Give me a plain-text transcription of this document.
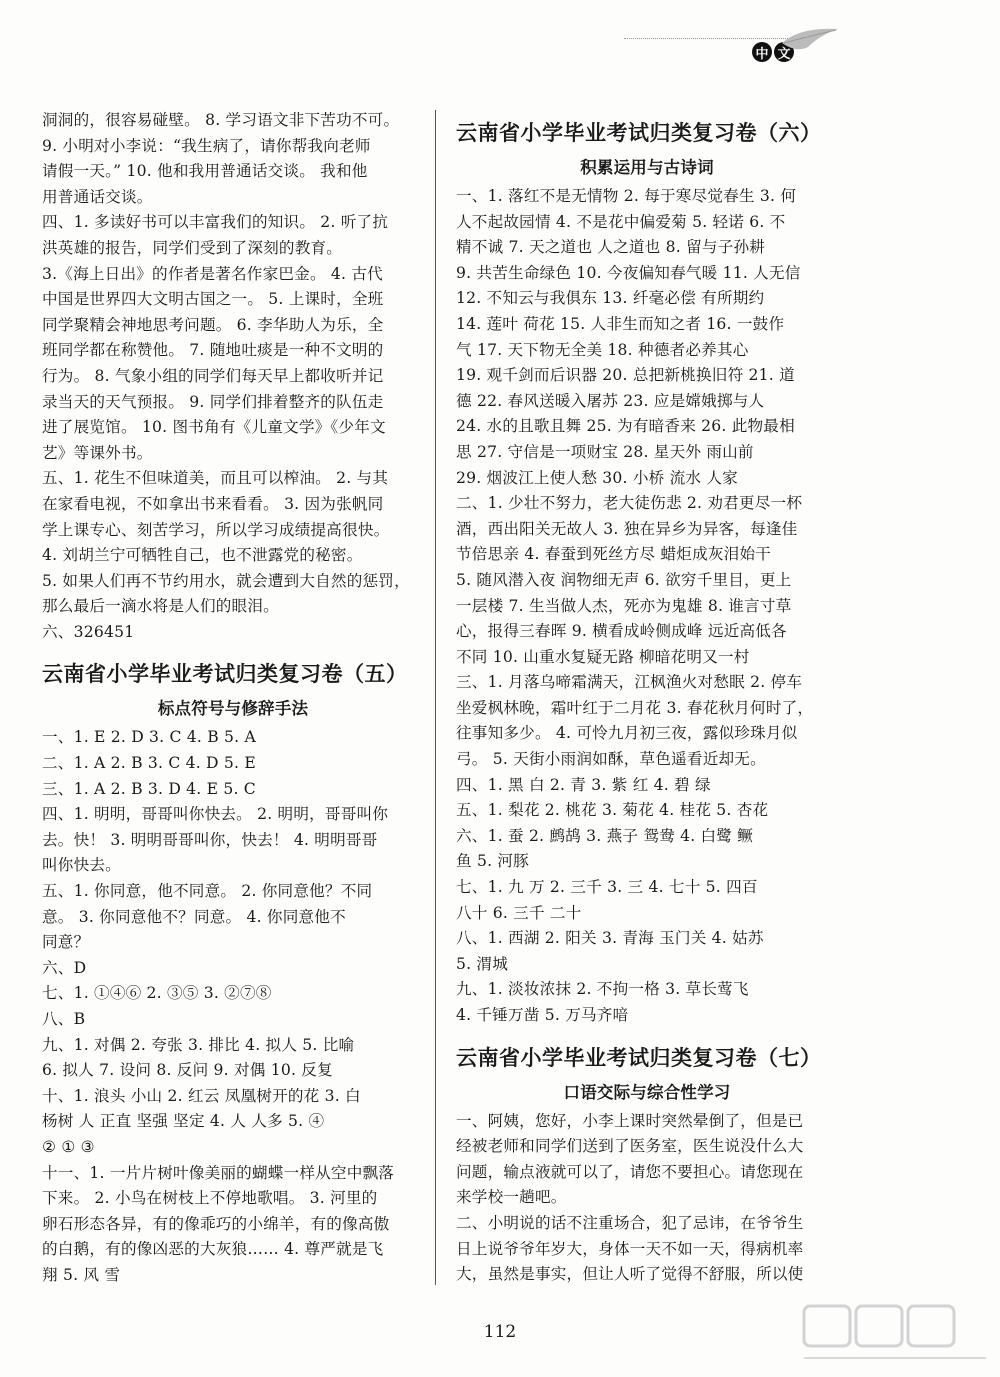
中 文
洞洞的，很容易碰壁。 8. 学习语文非下苦功不可。
9. 小明对小李说：“我生病了，请你帮我向老师
请假一天。” 10. 他和我用普通话交谈。 我和他
用普通话交谈。
四、1. 多读好书可以丰富我们的知识。 2. 听了抗
洪英雄的报告，同学们受到了深刻的教育。
3.《海上日出》的作者是著名作家巴金。 4. 古代
中国是世界四大文明古国之一。 5. 上课时，全班
同学聚精会神地思考问题。 6. 李华助人为乐，全
班同学都在称赞他。 7. 随地吐痰是一种不文明的
行为。 8. 气象小组的同学们每天早上都收听并记
录当天的天气预报。 9. 同学们排着整齐的队伍走
进了展览馆。 10. 图书角有《儿童文学》《少年文
艺》等课外书。
五、1. 花生不但味道美，而且可以榨油。 2. 与其
在家看电视，不如拿出书来看看。 3. 因为张帆同
学上课专心、刻苦学习，所以学习成绩提高很快。
4. 刘胡兰宁可牺牲自己，也不泄露党的秘密。
5. 如果人们再不节约用水，就会遭到大自然的惩罚，
那么最后一滴水将是人们的眼泪。
六、326451
云南省小学毕业考试归类复习卷（五）
标点符号与修辞手法
一、1. E 2. D 3. C 4. B 5. A
二、1. A 2. B 3. C 4. D 5. E
三、1. A 2. B 3. D 4. E 5. C
四、1. 明明，哥哥叫你快去。 2. 明明，哥哥叫你
去。快！ 3. 明明哥哥叫你，快去！ 4. 明明哥哥
叫你快去。
五、1. 你同意，他不同意。 2. 你同意他？不同
意。 3. 你同意他不？同意。 4. 你同意他不
同意？
六、D
七、1. ①④⑥ 2. ③⑤ 3. ②⑦⑧
八、B
九、1. 对偶 2. 夸张 3. 排比 4. 拟人 5. 比喻
6. 拟人 7. 设问 8. 反问 9. 对偶 10. 反复
十、1. 浪头 小山 2. 红云 凤凰树开的花 3. 白
杨树 人 正直 坚强 坚定 4. 人 人多 5. ④
② ① ③
十一、1. 一片片树叶像美丽的蝴蝶一样从空中飘落
下来。 2. 小鸟在树枝上不停地歌唱。 3. 河里的
卵石形态各异，有的像乖巧的小绵羊，有的像高傲
的白鹅，有的像凶恶的大灰狼…… 4. 尊严就是飞
翔 5. 风 雪
云南省小学毕业考试归类复习卷（六）
积累运用与古诗词
一、1. 落红不是无情物 2. 每于寒尽觉春生 3. 何
人不起故园情 4. 不是花中偏爱菊 5. 轻诺 6. 不
精不诚 7. 天之道也 人之道也 8. 留与子孙耕
9. 共苦生命绿色 10. 今夜偏知春气暖 11. 人无信
12. 不知云与我俱东 13. 纤毫必偿 有所期约
14. 莲叶 荷花 15. 人非生而知之者 16. 一鼓作
气 17. 天下物无全美 18. 种德者必养其心
19. 观千剑而后识器 20. 总把新桃换旧符 21. 道
德 22. 春风送暖入屠苏 23. 应是嫦娥掷与人
24. 水的且歌且舞 25. 为有暗香来 26. 此物最相
思 27. 守信是一项财宝 28. 星天外 雨山前
29. 烟波江上使人愁 30. 小桥 流水 人家
二、1. 少壮不努力，老大徒伤悲 2. 劝君更尽一杯
酒，西出阳关无故人 3. 独在异乡为异客，每逢佳
节倍思亲 4. 春蚕到死丝方尽 蜡炬成灰泪始干
5. 随风潜入夜 润物细无声 6. 欲穷千里目，更上
一层楼 7. 生当做人杰，死亦为鬼雄 8. 谁言寸草
心，报得三春晖 9. 横看成岭侧成峰 远近高低各
不同 10. 山重水复疑无路 柳暗花明又一村
三、1. 月落乌啼霜满天，江枫渔火对愁眠 2. 停车
坐爱枫林晚，霜叶红于二月花 3. 春花秋月何时了，
往事知多少。 4. 可怜九月初三夜，露似珍珠月似
弓。 5. 天街小雨润如酥，草色遥看近却无。
四、1. 黑 白 2. 青 3. 紫 红 4. 碧 绿
五、1. 梨花 2. 桃花 3. 菊花 4. 桂花 5. 杏花
六、1. 蚕 2. 鹧鸪 3. 燕子 鸳鸯 4. 白鹭 鳜
鱼 5. 河豚
七、1. 九 万 2. 三千 3. 三 4. 七十 5. 四百
八十 6. 三千 二十
八、1. 西湖 2. 阳关 3. 青海 玉门关 4. 姑苏
5. 渭城
九、1. 淡妆浓抹 2. 不拘一格 3. 草长莺飞
4. 千锤万凿 5. 万马齐喑
云南省小学毕业考试归类复习卷（七）
口语交际与综合性学习
一、阿姨，您好，小李上课时突然晕倒了，但是已
经被老师和同学们送到了医务室，医生说没什么大
问题，输点液就可以了，请您不要担心。请您现在
来学校一趟吧。
二、小明说的话不注重场合，犯了忌讳，在爷爷生
日上说爷爷年岁大，身体一天不如一天，得病机率
大，虽然是事实，但让人听了觉得不舒服，所以使
112
